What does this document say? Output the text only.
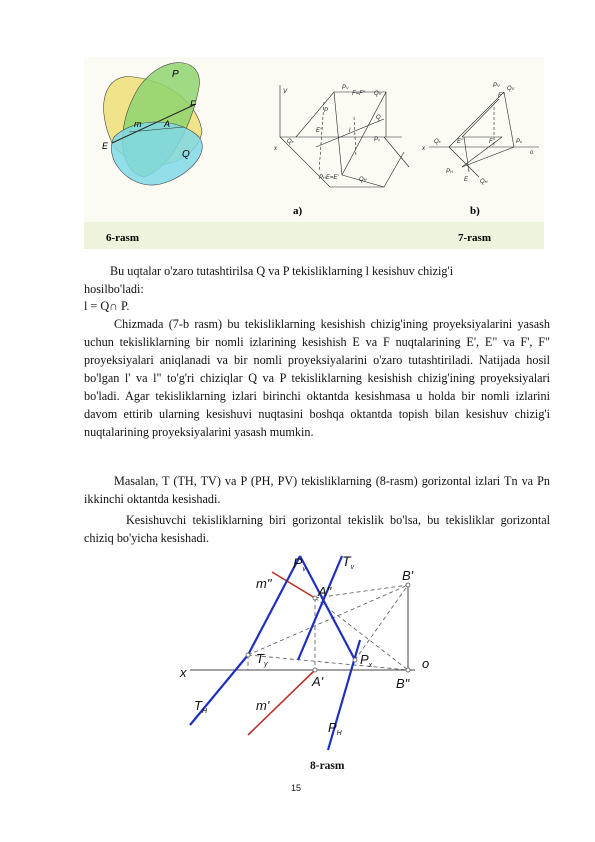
P
F
m	A
E
Q
V
x
Qx
PV
F=F" QV
E"
Q
Px
PHE=E'	QH
P
l
PV
QV
F"
x
Qx	E"	F	Px
o
PH
E QH
a)	b)
6-rasm	7-rasm

Bu uqtalar o'zaro tutashtirilsa Q va P tekisliklarning l kesishuv chizig'i

hosilbo'ladi:

l = Q∩ P.

Chizmada (7-b rasm) bu tekisliklarning kesishish chizig'ining proyeksiyalarini yasash uchun tekisliklarning bir nomli izlarining kesishish E va F nuqtalarining E', E" va F', F" proyeksiyalari aniqlanadi va bir nomli proyeksiyalarini o'zaro tutashtiriladi. Natijada hosil bo'lgan l' va l" to'g'ri chiziqlar Q va P tekisliklarning kesishish chizig'ining proyeksiyalari bo'ladi. Agar tekisliklarning izlari birinchi oktantda kesishmasa u holda bir nomli izlarini davom ettirib ularning kesishuvi nuqtasini boshqa oktantda topish bilan kesishuv chizig'i nuqtalarining proyeksiyalarini yasash mumkin.

Masalan, T (TH, TV) va P (PH, PV) tekisliklarning (8-rasm) gorizontal izlari Tn va Pn ikkinchi oktantda kesishadi.

Kesishuvchi tekisliklarning biri gorizontal tekislik bo'lsa, bu tekisliklar gorizontal chiziq bo'yicha kesishadi.

$P_v$
$T_v$
B'
m"
A"
$T_y$	$P_x$	o
x
A'	B"
$T_H$	m'
$P_H$
8-rasm
15
